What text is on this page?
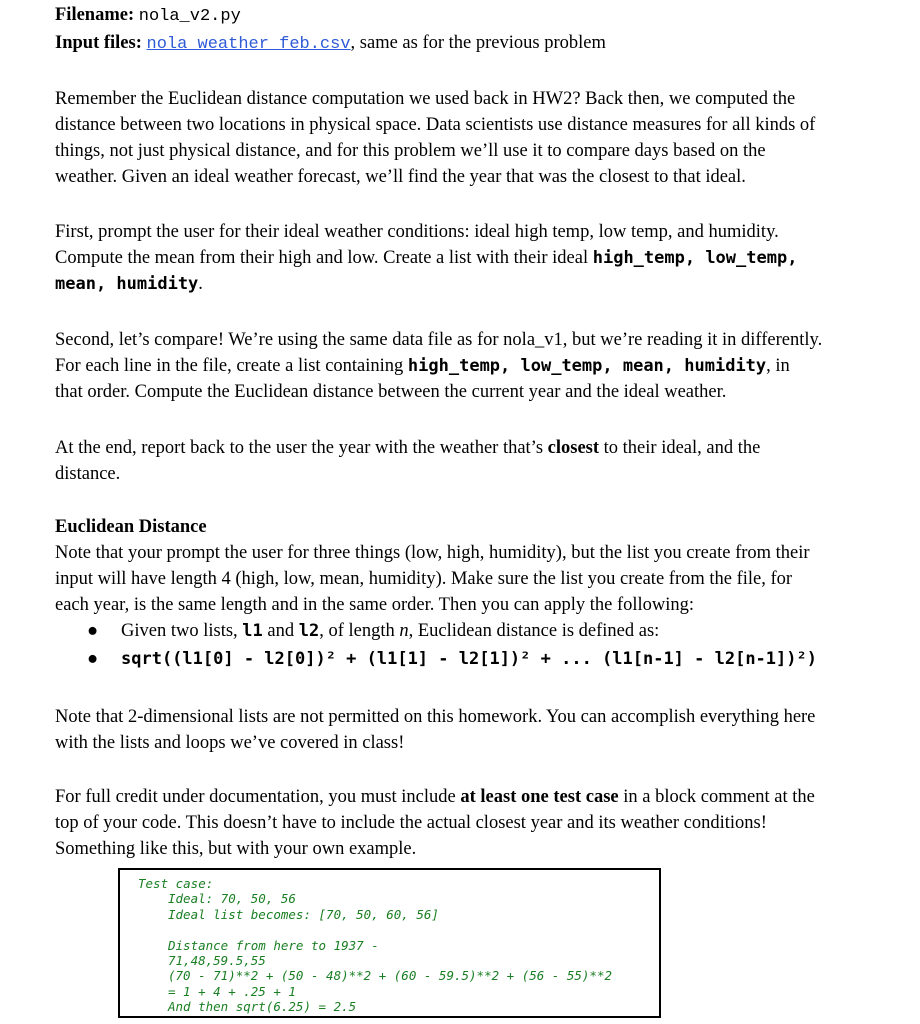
Filename: nola_v2.py
Input files: nola_weather_feb.csv, same as for the previous problem

Remember the Euclidean distance computation we used back in HW2? Back then, we computed the

distance between two locations in physical space. Data scientists use distance measures for all kinds of

things, not just physical distance, and for this problem we’ll use it to compare days based on the

weather. Given an ideal weather forecast, we’ll find the year that was the closest to that ideal.

First, prompt the user for their ideal weather conditions: ideal high temp, low temp, and humidity.

Compute the mean from their high and low. Create a list with their ideal high_temp, low_temp,

mean, humidity.

Second, let’s compare! We’re using the same data file as for nola_v1, but we’re reading it in differently.

For each line in the file, create a list containing high_temp, low_temp, mean, humidity, in

that order. Compute the Euclidean distance between the current year and the ideal weather.

At the end, report back to the user the year with the weather that’s closest to their ideal, and the

distance.

Euclidean Distance

Note that your prompt the user for three things (low, high, humidity), but the list you create from their

input will have length 4 (high, low, mean, humidity). Make sure the list you create from the file, for

each year, is the same length and in the same order. Then you can apply the following:

● Given two lists, l1 and l2, of length n, Euclidean distance is defined as:
● sqrt((l1[0] - l2[0])² + (l1[1] - l2[1])² + ... (l1[n-1] - l2[n-1])²)

Note that 2-dimensional lists are not permitted on this homework. You can accomplish everything here

with the lists and loops we’ve covered in class!

For full credit under documentation, you must include at least one test case in a block comment at the

top of your code. This doesn’t have to include the actual closest year and its weather conditions!

Something like this, but with your own example.

Test case:
Ideal: 70, 50, 56
Ideal list becomes: [70, 50, 60, 56]

Distance from here to 1937 -
71,48,59.5,55
(70 - 71)**2 + (50 - 48)**2 + (60 - 59.5)**2 + (56 - 55)**2
= 1 + 4 + .25 + 1
And then sqrt(6.25) = 2.5
